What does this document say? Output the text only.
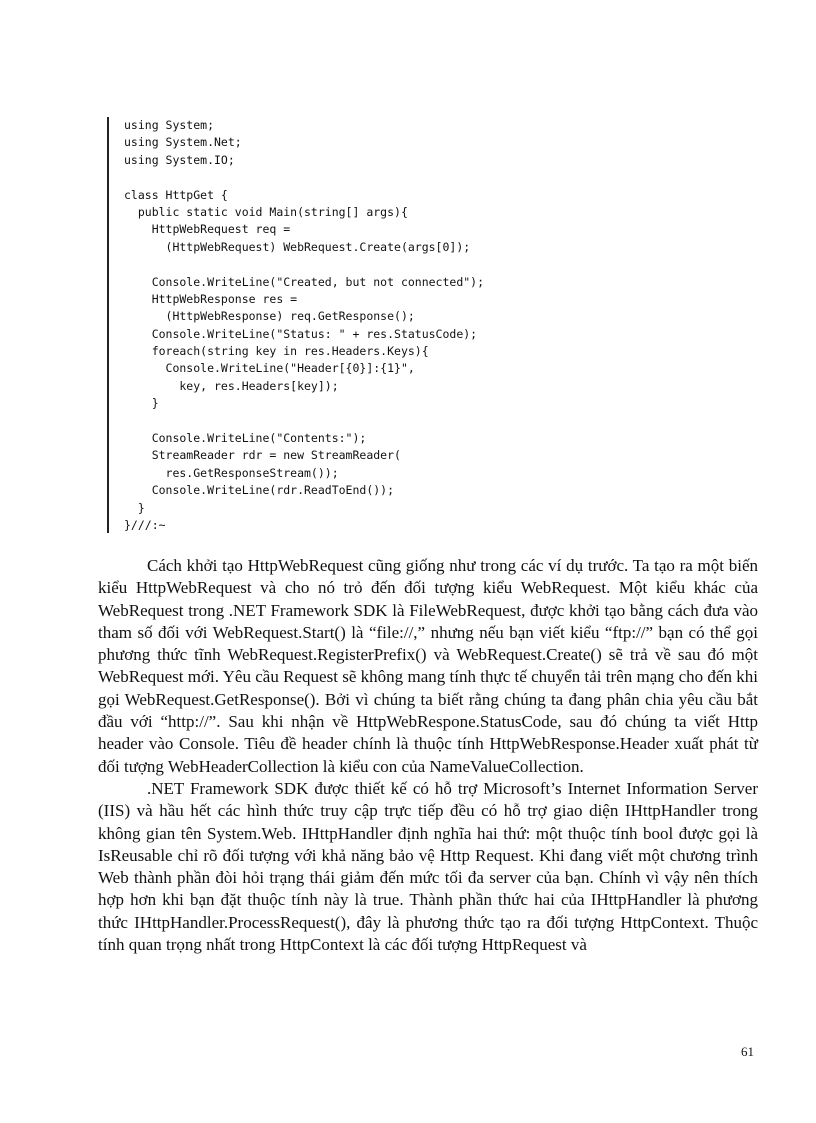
using System;
using System.Net;
using System.IO;
class HttpGet {
public static void Main(string[] args){
HttpWebRequest req =
(HttpWebRequest) WebRequest.Create(args[0]);
Console.WriteLine("Created, but not connected");
HttpWebResponse res =
(HttpWebResponse) req.GetResponse();
Console.WriteLine("Status: " + res.StatusCode);
foreach(string key in res.Headers.Keys){
Console.WriteLine("Header[{0}]:{1}",
key, res.Headers[key]);
}
Console.WriteLine("Contents:");
StreamReader rdr = new StreamReader(
res.GetResponseStream());
Console.WriteLine(rdr.ReadToEnd());
}
}///:~

Cách khởi tạo HttpWebRequest cũng giống như trong các ví dụ trước. Ta tạo ra một biến kiểu HttpWebRequest và cho nó trỏ đến đối tượng kiểu WebRequest. Một kiểu khác của WebRequest trong .NET Framework SDK là FileWebRequest, được khởi tạo bằng cách đưa vào tham số đối với WebRequest.Start() là “file://,” nhưng nếu bạn viết kiểu “ftp://” bạn có thể gọi phương thức tĩnh WebRequest.RegisterPrefix() và WebRequest.Create() sẽ trả về sau đó một WebRequest mới. Yêu cầu Request sẽ không mang tính thực tế chuyển tải trên mạng cho đến khi gọi WebRequest.GetResponse(). Bởi vì chúng ta biết rằng chúng ta đang phân chia yêu cầu bắt đầu với “http://”. Sau khi nhận về HttpWebRespone.StatusCode, sau đó chúng ta viết Http header vào Console. Tiêu đề header chính là thuộc tính HttpWebResponse.Header xuất phát từ đối tượng WebHeaderCollection là kiểu con của NameValueCollection.

.NET Framework SDK được thiết kế có hỗ trợ Microsoft’s Internet Information Server (IIS) và hầu hết các hình thức truy cập trực tiếp đều có hỗ trợ giao diện IHttpHandler trong không gian tên System.Web. IHttpHandler định nghĩa hai thứ: một thuộc tính bool được gọi là IsReusable chỉ rõ đối tượng với khả năng bảo vệ Http Request. Khi đang viết một chương trình Web thành phần đòi hỏi trạng thái giảm đến mức tối đa server của bạn. Chính vì vậy nên thích hợp hơn khi bạn đặt thuộc tính này là true. Thành phần thức hai của IHttpHandler là phương thức IHttpHandler.ProcessRequest(), đây là phương thức tạo ra đối tượng HttpContext. Thuộc tính quan trọng nhất trong HttpContext là các đối tượng HttpRequest và

61
